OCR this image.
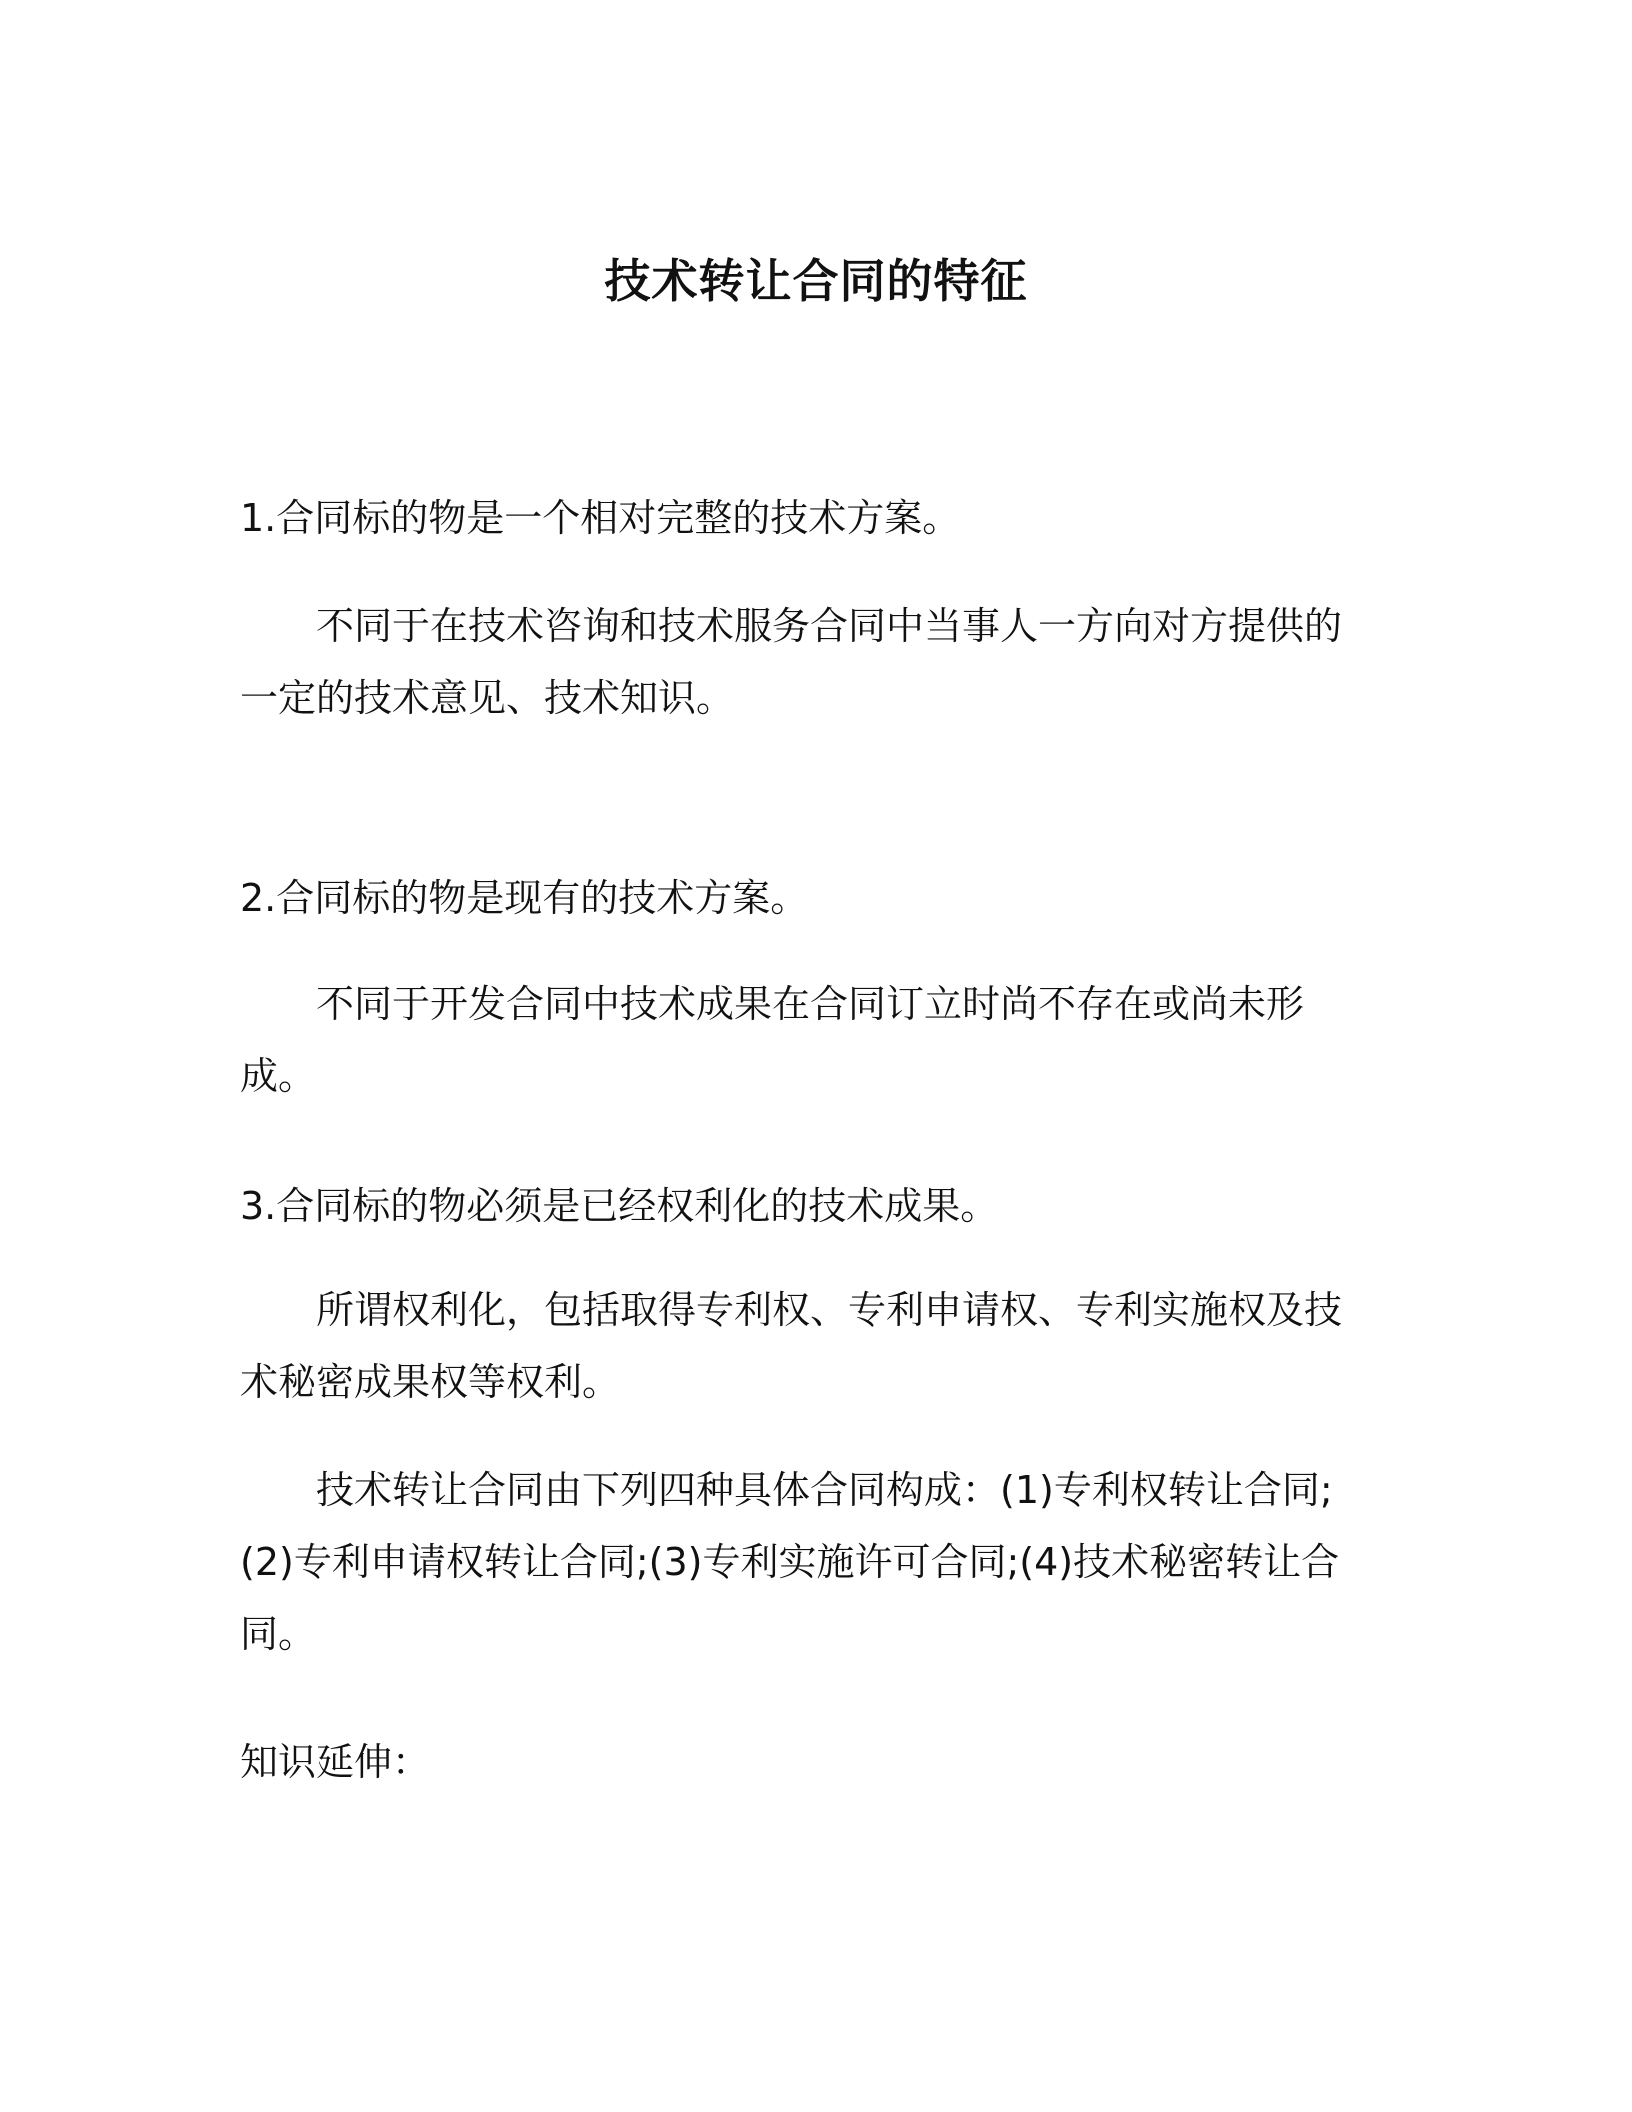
技术转让合同的特征

1.合同标的物是一个相对完整的技术方案。

不同于在技术咨询和技术服务合同中当事人一方向对方提供的一定的技术意见、技术知识。

2.合同标的物是现有的技术方案。

不同于开发合同中技术成果在合同订立时尚不存在或尚未形成。

3.合同标的物必须是已经权利化的技术成果。

所谓权利化，包括取得专利权、专利申请权、专利实施权及技术秘密成果权等权利。

技术转让合同由下列四种具体合同构成：(1)专利权转让合同;(2)专利申请权转让合同;(3)专利实施许可合同;(4)技术秘密转让合同。

知识延伸：
